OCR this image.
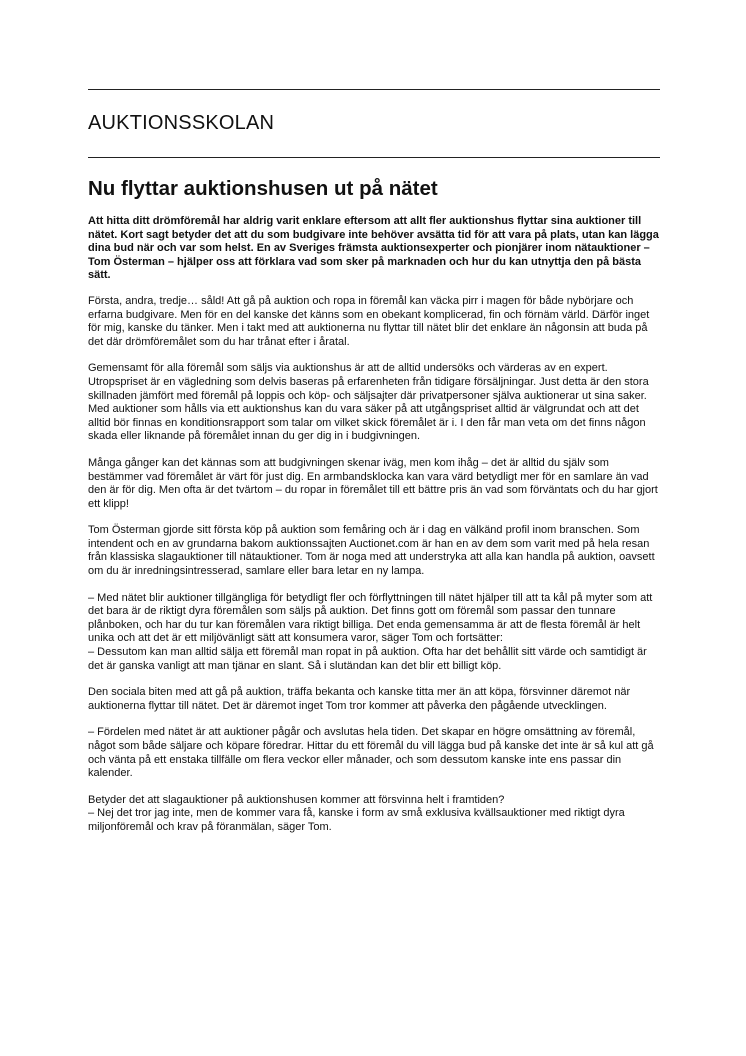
AUKTIONSSKOLAN
Nu flyttar auktionshusen ut på nätet

Att hitta ditt drömföremål har aldrig varit enklare eftersom att allt fler auktionshus flyttar sina auktioner till nätet. Kort sagt betyder det att du som budgivare inte behöver avsätta tid för att vara på plats, utan kan lägga dina bud när och var som helst. En av Sveriges främsta auktionsexperter och pionjärer inom nätauktioner – Tom Österman – hjälper oss att förklara vad som sker på marknaden och hur du kan utnyttja den på bästa sätt.

Första, andra, tredje… såld! Att gå på auktion och ropa in föremål kan väcka pirr i magen för både nybörjare och erfarna budgivare. Men för en del kanske det känns som en obekant komplicerad, fin och förnäm värld. Därför inget för mig, kanske du tänker. Men i takt med att auktionerna nu flyttar till nätet blir det enklare än någonsin att buda på det där drömföremålet som du har trånat efter i åratal.

Gemensamt för alla föremål som säljs via auktionshus är att de alltid undersöks och värderas av en expert. Utropspriset är en vägledning som delvis baseras på erfarenheten från tidigare försäljningar. Just detta är den stora skillnaden jämfört med föremål på loppis och köp- och säljsajter där privatpersoner själva auktionerar ut sina saker. Med auktioner som hålls via ett auktionshus kan du vara säker på att utgångspriset alltid är välgrundat och att det alltid bör finnas en konditionsrapport som talar om vilket skick föremålet är i. I den får man veta om det finns någon skada eller liknande på föremålet innan du ger dig in i budgivningen.

Många gånger kan det kännas som att budgivningen skenar iväg, men kom ihåg – det är alltid du själv som bestämmer vad föremålet är värt för just dig. En armbandsklocka kan vara värd betydligt mer för en samlare än vad den är för dig. Men ofta är det tvärtom – du ropar in föremålet till ett bättre pris än vad som förväntats och du har gjort ett klipp!

Tom Österman gjorde sitt första köp på auktion som femåring och är i dag en välkänd profil inom branschen. Som intendent och en av grundarna bakom auktionssajten Auctionet.com är han en av dem som varit med på hela resan från klassiska slagauktioner till nätauktioner. Tom är noga med att understryka att alla kan handla på auktion, oavsett om du är inredningsintresserad, samlare eller bara letar en ny lampa.

– Med nätet blir auktioner tillgängliga för betydligt fler och förflyttningen till nätet hjälper till att ta kål på myter som att det bara är de riktigt dyra föremålen som säljs på auktion. Det finns gott om föremål som passar den tunnare plånboken, och har du tur kan föremålen vara riktigt billiga. Det enda gemensamma är att de flesta föremål är helt unika och att det är ett miljövänligt sätt att konsumera varor, säger Tom och fortsätter:
– Dessutom kan man alltid sälja ett föremål man ropat in på auktion. Ofta har det behållit sitt värde och samtidigt är det är ganska vanligt att man tjänar en slant. Så i slutändan kan det blir ett billigt köp.

Den sociala biten med att gå på auktion, träffa bekanta och kanske titta mer än att köpa, försvinner däremot när auktionerna flyttar till nätet. Det är däremot inget Tom tror kommer att påverka den pågående utvecklingen.

– Fördelen med nätet är att auktioner pågår och avslutas hela tiden. Det skapar en högre omsättning av föremål, något som både säljare och köpare föredrar. Hittar du ett föremål du vill lägga bud på kanske det inte är så kul att gå och vänta på ett enstaka tillfälle om flera veckor eller månader, och som dessutom kanske inte ens passar din kalender.

Betyder det att slagauktioner på auktionshusen kommer att försvinna helt i framtiden?
– Nej det tror jag inte, men de kommer vara få, kanske i form av små exklusiva kvällsauktioner med riktigt dyra miljonföremål och krav på föranmälan, säger Tom.
